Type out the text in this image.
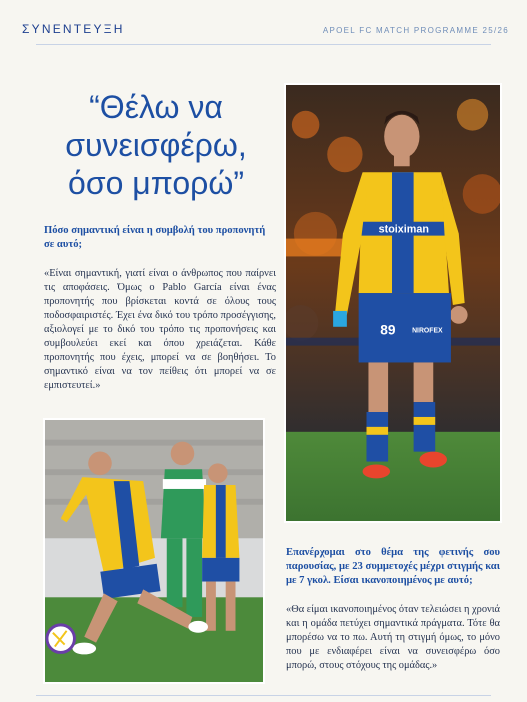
ΣΥΝΕΝΤΕΥΞΗ	APOEL FC MATCH PROGRAMME 25/26
“Θέλω να
συνεισφέρω,
όσο μπορώ”
Πόσο σημαντική είναι η συμβολή του προπονητή σε αυτό;
«Είναι σημαντική, γιατί είναι ο άνθρωπος που παίρνει τις αποφάσεις. Όμως ο Pablo García είναι ένας προπονητής που βρίσκεται κοντά σε όλους τους ποδοσφαιριστές. Έχει ένα δικό του τρόπο προσέγγισης, αξιολογεί με το δικό του τρόπο τις προπονήσεις και συμβουλεύει εκεί και όπου χρειάζεται. Κάθε προπονητής που έχεις, μπορεί να σε βοηθήσει. Το σημαντικό είναι να τον πείθεις ότι μπορεί να σε εμπιστευτεί.»
stoiximan
89 NIROFEX
Επανέρχομαι στο θέμα της φετινής σου παρουσίας, με 23 συμμετοχές μέχρι στιγμής και με 7 γκολ. Είσαι ικανοποιημένος με αυτό;
«Θα είμαι ικανοποιημένος όταν τελειώσει η χρονιά και η ομάδα πετύχει σημαντικά πράγματα. Τότε θα μπορέσω να το πω. Αυτή τη στιγμή όμως, το μόνο που με ενδιαφέρει είναι να συνεισφέρω όσο μπορώ, στους στόχους της ομάδας.»
